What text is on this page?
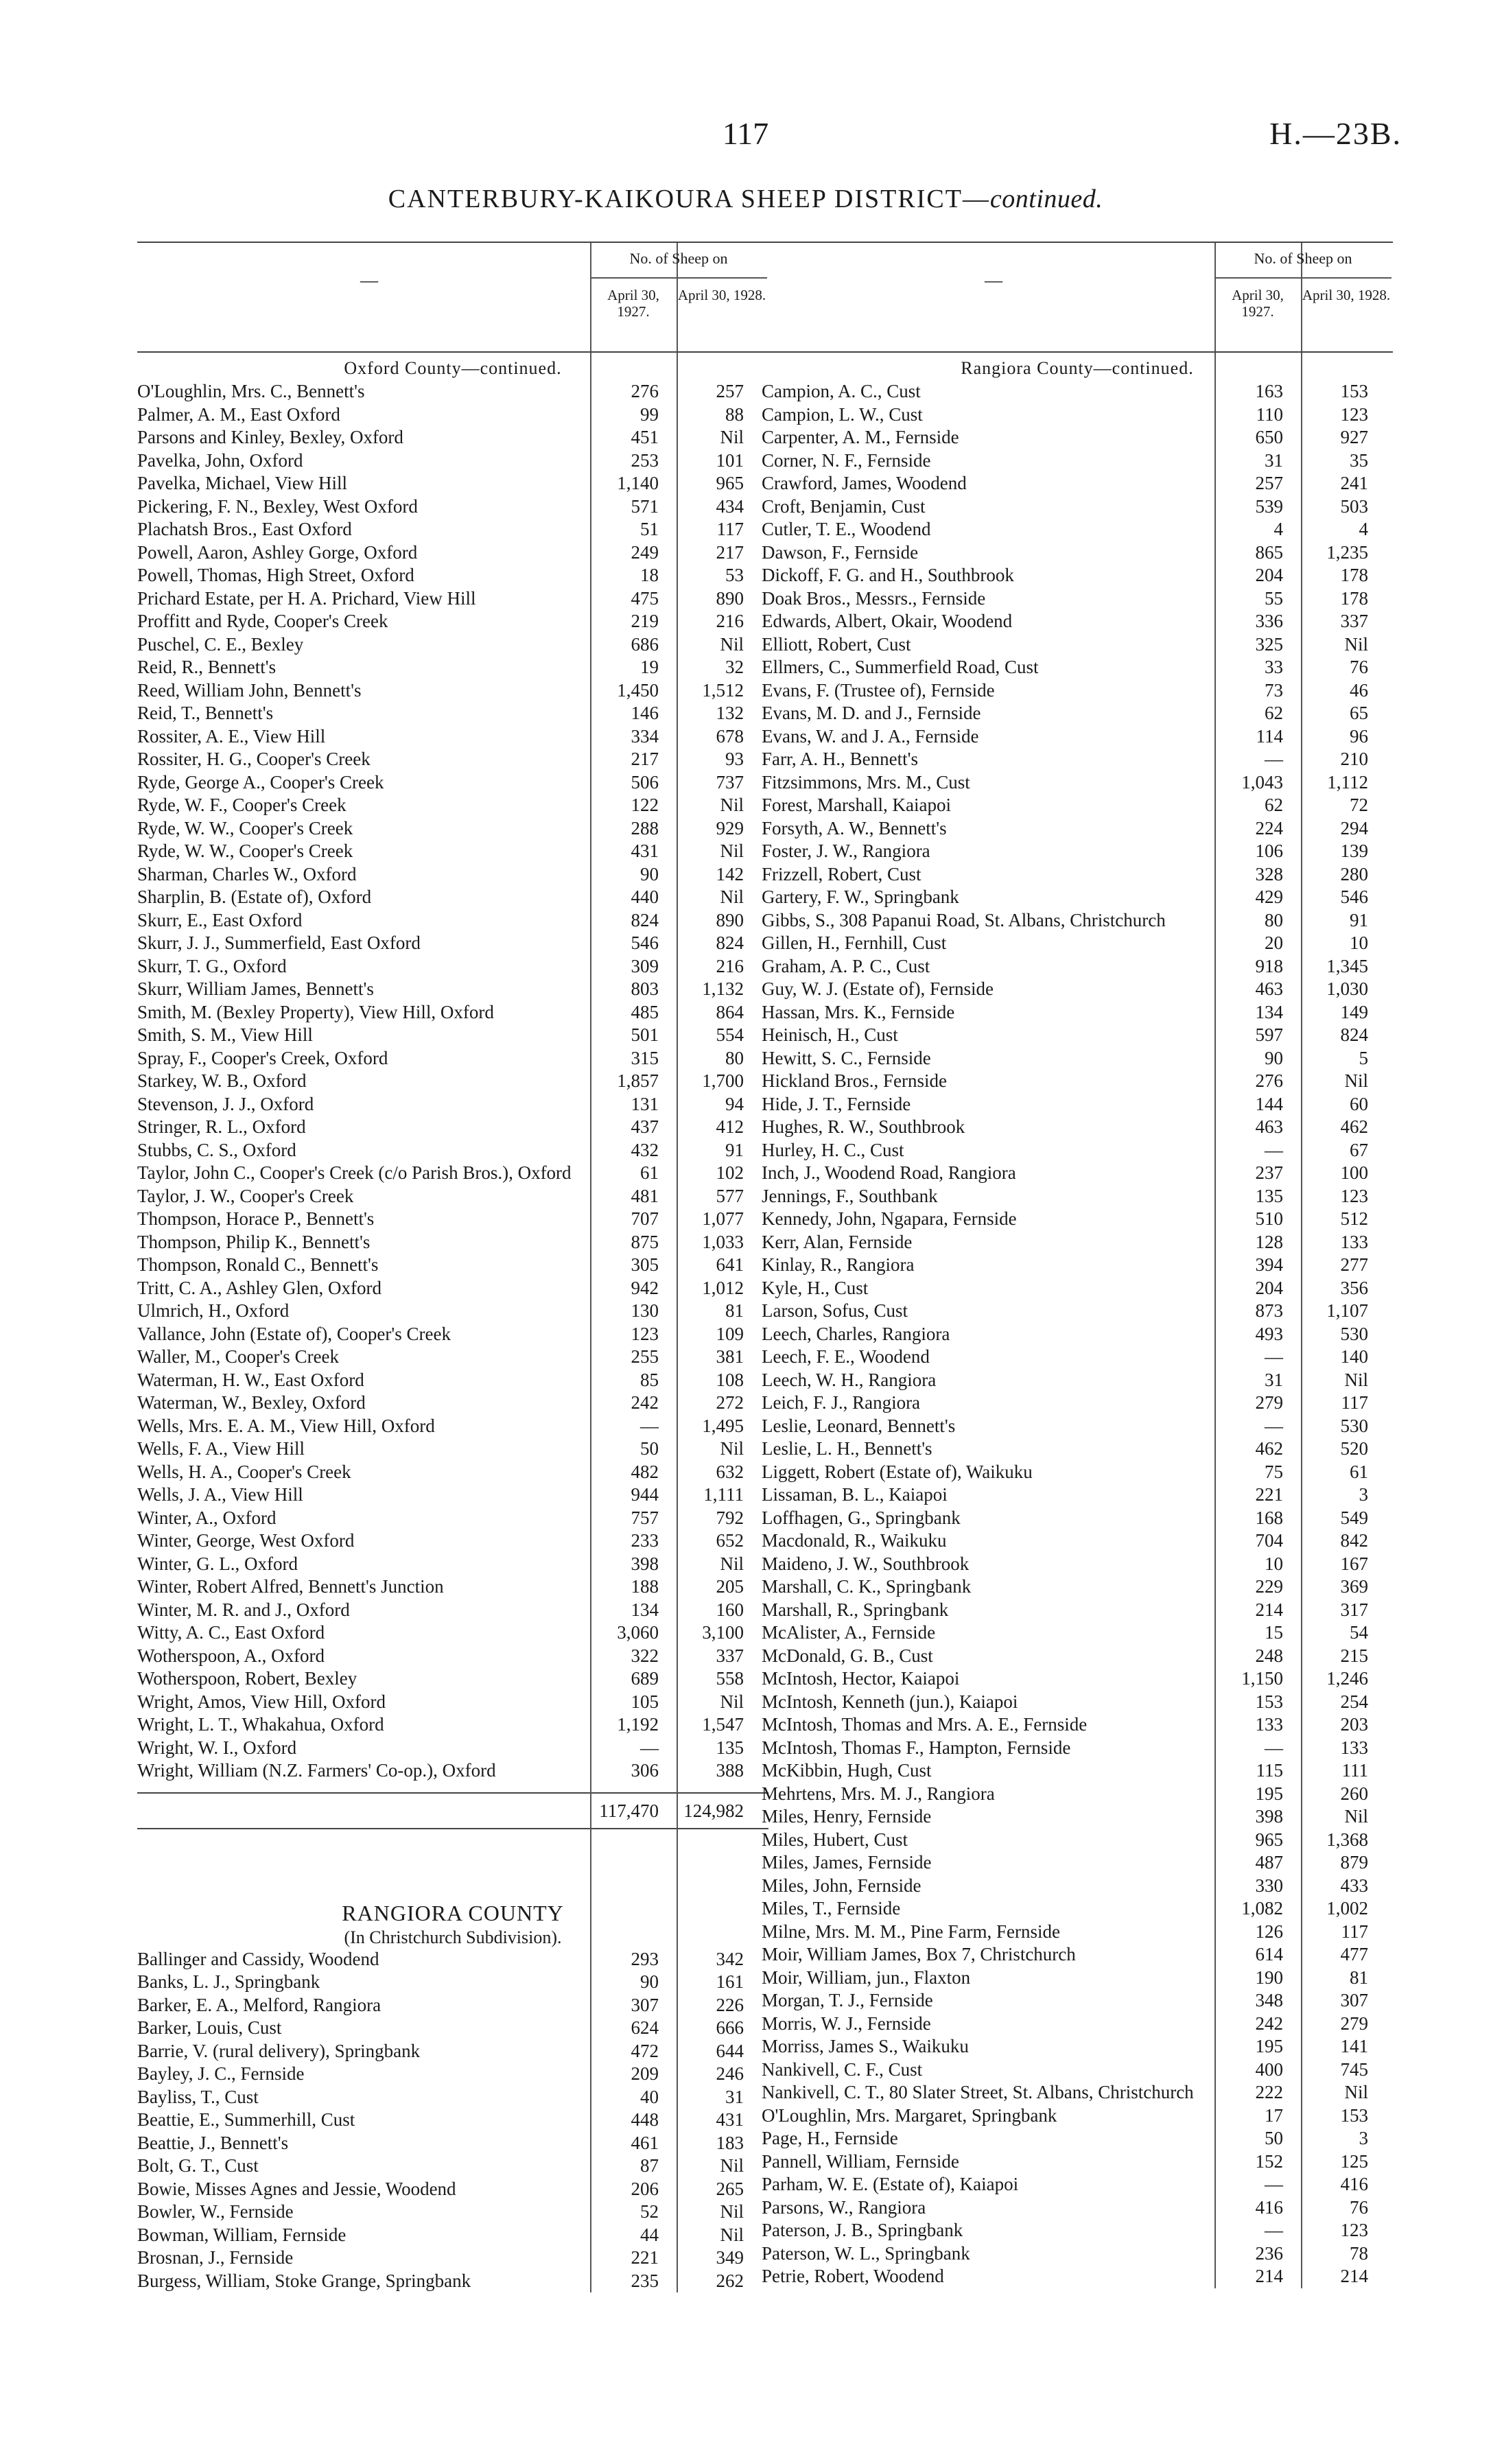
117	H.—23B.
CANTERBURY-KAIKOURA SHEEP DISTRICT—continued.
—
No. of Sheep on
April 30, 1927.
April 30, 1928.
Oxford County—continued.
O'Loughlin, Mrs. C., Bennett's	276	257
Palmer, A. M., East Oxford	99	88
Parsons and Kinley, Bexley, Oxford	451	Nil
Pavelka, John, Oxford	253	101
Pavelka, Michael, View Hill	1,140	965
Pickering, F. N., Bexley, West Oxford	571	434
Plachatsh Bros., East Oxford	51	117
Powell, Aaron, Ashley Gorge, Oxford	249	217
Powell, Thomas, High Street, Oxford	18	53
Prichard Estate, per H. A. Prichard, View Hill	475	890
Proffitt and Ryde, Cooper's Creek	219	216
Puschel, C. E., Bexley	686	Nil
Reid, R., Bennett's	19	32
Reed, William John, Bennett's	1,450	1,512
Reid, T., Bennett's	146	132
Rossiter, A. E., View Hill	334	678
Rossiter, H. G., Cooper's Creek	217	93
Ryde, George A., Cooper's Creek	506	737
Ryde, W. F., Cooper's Creek	122	Nil
Ryde, W. W., Cooper's Creek	288	929
Ryde, W. W., Cooper's Creek	431	Nil
Sharman, Charles W., Oxford	90	142
Sharplin, B. (Estate of), Oxford	440	Nil
Skurr, E., East Oxford	824	890
Skurr, J. J., Summerfield, East Oxford	546	824
Skurr, T. G., Oxford	309	216
Skurr, William James, Bennett's	803	1,132
Smith, M. (Bexley Property), View Hill, Oxford	485	864
Smith, S. M., View Hill	501	554
Spray, F., Cooper's Creek, Oxford	315	80
Starkey, W. B., Oxford	1,857	1,700
Stevenson, J. J., Oxford	131	94
Stringer, R. L., Oxford	437	412
Stubbs, C. S., Oxford	432	91
Taylor, John C., Cooper's Creek (c/o Parish Bros.), Oxford	61	102
Taylor, J. W., Cooper's Creek	481	577
Thompson, Horace P., Bennett's	707	1,077
Thompson, Philip K., Bennett's	875	1,033
Thompson, Ronald C., Bennett's	305	641
Tritt, C. A., Ashley Glen, Oxford	942	1,012
Ulmrich, H., Oxford	130	81
Vallance, John (Estate of), Cooper's Creek	123	109
Waller, M., Cooper's Creek	255	381
Waterman, H. W., East Oxford	85	108
Waterman, W., Bexley, Oxford	242	272
Wells, Mrs. E. A. M., View Hill, Oxford	—	1,495
Wells, F. A., View Hill	50	Nil
Wells, H. A., Cooper's Creek	482	632
Wells, J. A., View Hill	944	1,111
Winter, A., Oxford	757	792
Winter, George, West Oxford	233	652
Winter, G. L., Oxford	398	Nil
Winter, Robert Alfred, Bennett's Junction	188	205
Winter, M. R. and J., Oxford	134	160
Witty, A. C., East Oxford	3,060	3,100
Wotherspoon, A., Oxford	322	337
Wotherspoon, Robert, Bexley	689	558
Wright, Amos, View Hill, Oxford	105	Nil
Wright, L. T., Whakahua, Oxford	1,192	1,547
Wright, W. I., Oxford	—	135
Wright, William (N.Z. Farmers' Co-op.), Oxford	306	388
117,470	124,982
RANGIORA COUNTY
(In Christchurch Subdivision).
Ballinger and Cassidy, Woodend	293	342
Banks, L. J., Springbank	90	161
Barker, E. A., Melford, Rangiora	307	226
Barker, Louis, Cust	624	666
Barrie, V. (rural delivery), Springbank	472	644
Bayley, J. C., Fernside	209	246
Bayliss, T., Cust	40	31
Beattie, E., Summerhill, Cust	448	431
Beattie, J., Bennett's	461	183
Bolt, G. T., Cust	87	Nil
Bowie, Misses Agnes and Jessie, Woodend	206	265
Bowler, W., Fernside	52	Nil
Bowman, William, Fernside	44	Nil
Brosnan, J., Fernside	221	349
Burgess, William, Stoke Grange, Springbank	235	262
—
No. of Sheep on
April 30, 1927.
April 30, 1928.
Rangiora County—continued.
Campion, A. C., Cust	163	153
Campion, L. W., Cust	110	123
Carpenter, A. M., Fernside	650	927
Corner, N. F., Fernside	31	35
Crawford, James, Woodend	257	241
Croft, Benjamin, Cust	539	503
Cutler, T. E., Woodend	4	4
Dawson, F., Fernside	865	1,235
Dickoff, F. G. and H., Southbrook	204	178
Doak Bros., Messrs., Fernside	55	178
Edwards, Albert, Okair, Woodend	336	337
Elliott, Robert, Cust	325	Nil
Ellmers, C., Summerfield Road, Cust	33	76
Evans, F. (Trustee of), Fernside	73	46
Evans, M. D. and J., Fernside	62	65
Evans, W. and J. A., Fernside	114	96
Farr, A. H., Bennett's	—	210
Fitzsimmons, Mrs. M., Cust	1,043	1,112
Forest, Marshall, Kaiapoi	62	72
Forsyth, A. W., Bennett's	224	294
Foster, J. W., Rangiora	106	139
Frizzell, Robert, Cust	328	280
Gartery, F. W., Springbank	429	546
Gibbs, S., 308 Papanui Road, St. Albans, Christchurch	80	91
Gillen, H., Fernhill, Cust	20	10
Graham, A. P. C., Cust	918	1,345
Guy, W. J. (Estate of), Fernside	463	1,030
Hassan, Mrs. K., Fernside	134	149
Heinisch, H., Cust	597	824
Hewitt, S. C., Fernside	90	5
Hickland Bros., Fernside	276	Nil
Hide, J. T., Fernside	144	60
Hughes, R. W., Southbrook	463	462
Hurley, H. C., Cust	—	67
Inch, J., Woodend Road, Rangiora	237	100
Jennings, F., Southbank	135	123
Kennedy, John, Ngapara, Fernside	510	512
Kerr, Alan, Fernside	128	133
Kinlay, R., Rangiora	394	277
Kyle, H., Cust	204	356
Larson, Sofus, Cust	873	1,107
Leech, Charles, Rangiora	493	530
Leech, F. E., Woodend	—	140
Leech, W. H., Rangiora	31	Nil
Leich, F. J., Rangiora	279	117
Leslie, Leonard, Bennett's	—	530
Leslie, L. H., Bennett's	462	520
Liggett, Robert (Estate of), Waikuku	75	61
Lissaman, B. L., Kaiapoi	221	3
Loffhagen, G., Springbank	168	549
Macdonald, R., Waikuku	704	842
Maideno, J. W., Southbrook	10	167
Marshall, C. K., Springbank	229	369
Marshall, R., Springbank	214	317
McAlister, A., Fernside	15	54
McDonald, G. B., Cust	248	215
McIntosh, Hector, Kaiapoi	1,150	1,246
McIntosh, Kenneth (jun.), Kaiapoi	153	254
McIntosh, Thomas and Mrs. A. E., Fernside	133	203
McIntosh, Thomas F., Hampton, Fernside	—	133
McKibbin, Hugh, Cust	115	111
Mehrtens, Mrs. M. J., Rangiora	195	260
Miles, Henry, Fernside	398	Nil
Miles, Hubert, Cust	965	1,368
Miles, James, Fernside	487	879
Miles, John, Fernside	330	433
Miles, T., Fernside	1,082	1,002
Milne, Mrs. M. M., Pine Farm, Fernside	126	117
Moir, William James, Box 7, Christchurch	614	477
Moir, William, jun., Flaxton	190	81
Morgan, T. J., Fernside	348	307
Morris, W. J., Fernside	242	279
Morriss, James S., Waikuku	195	141
Nankivell, C. F., Cust	400	745
Nankivell, C. T., 80 Slater Street, St. Albans, Christchurch	222	Nil
O'Loughlin, Mrs. Margaret, Springbank	17	153
Page, H., Fernside	50	3
Pannell, William, Fernside	152	125
Parham, W. E. (Estate of), Kaiapoi	—	416
Parsons, W., Rangiora	416	76
Paterson, J. B., Springbank	—	123
Paterson, W. L., Springbank	236	78
Petrie, Robert, Woodend	214	214
